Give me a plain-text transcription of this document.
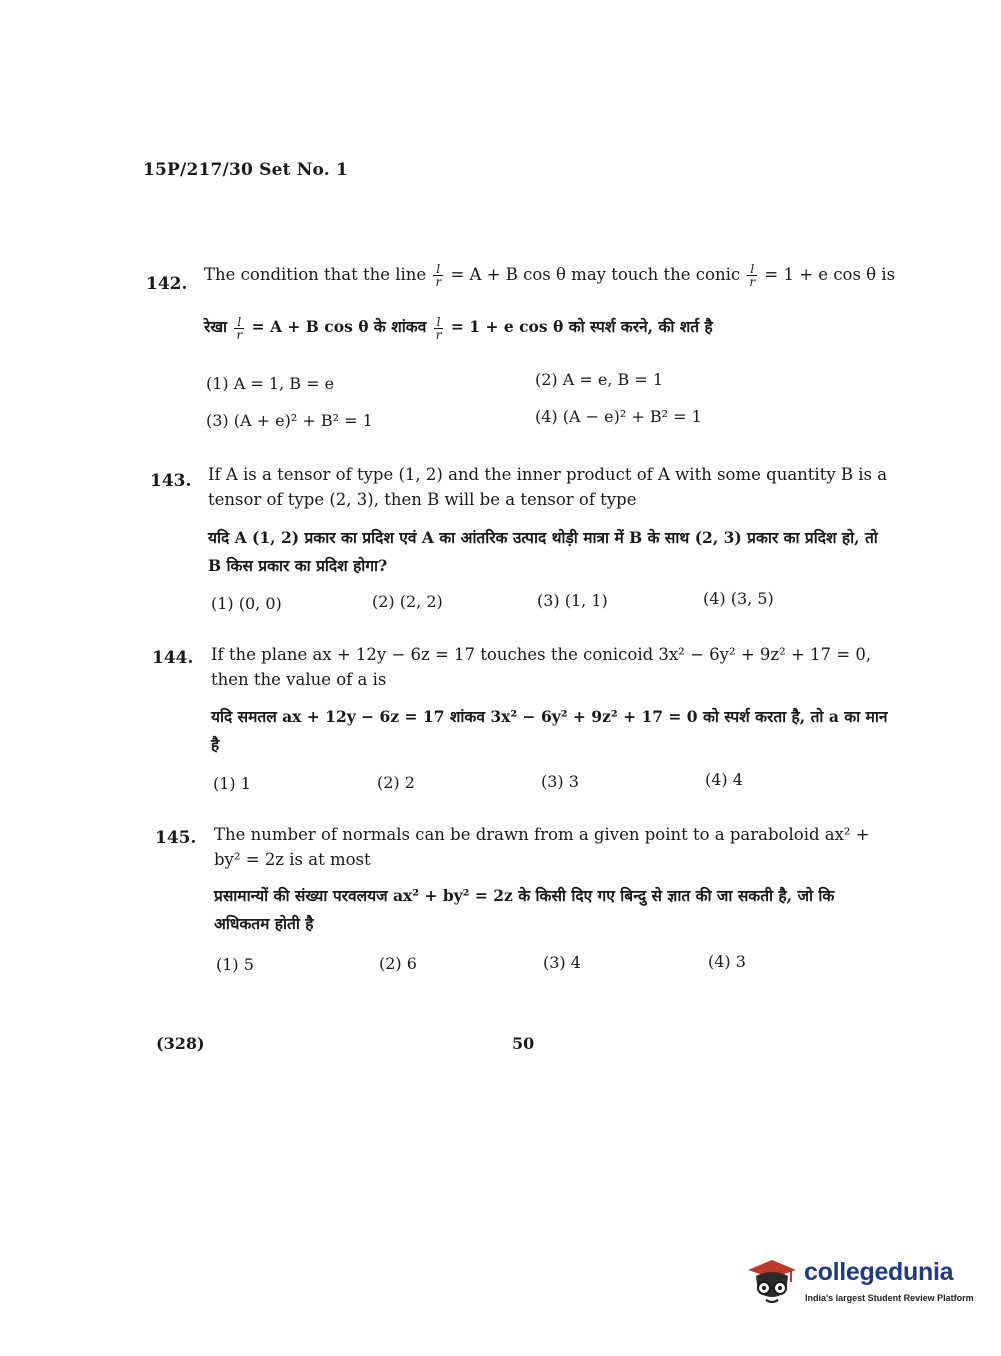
15P/217/30 Set No. 1
142. The condition that the line $\frac{l}{r} = A + B$ cos θ may touch the conic $\frac{l}{r} = 1 + e$ cos θ is
रेखा $\frac{l}{r} = A + B$ cos θ के शांकव $\frac{l}{r} = 1 + e$ cos θ को स्पर्श करने, की शर्त है
(1) A = 1, B = e	(2) A = e, B = 1
(3) (A + e)² + B² = 1	(4) (A − e)² + B² = 1
143. If A is a tensor of type (1, 2) and the inner product of A with some quantity B is a tensor of type (2, 3), then B will be a tensor of type
यदि A (1, 2) प्रकार का प्रदिश एवं A का आंतरिक उत्पाद थोड़ी मात्रा में B के साथ (2, 3) प्रकार का प्रदिश हो, तो B किस प्रकार का प्रदिश होगा?
(1) (0, 0)	(2) (2, 2)	(3) (1, 1)	(4) (3, 5)
144. If the plane ax + 12y − 6z = 17 touches the conicoid 3x² − 6y² + 9z² + 17 = 0, then the value of a is
यदि समतल ax + 12y − 6z = 17 शांकव 3x² − 6y² + 9z² + 17 = 0 को स्पर्श करता है, तो a का मान है
(1) 1	(2) 2	(3) 3	(4) 4
145. The number of normals can be drawn from a given point to a paraboloid ax² + by² = 2z is at most
प्रसामान्यों की संख्या परवलयज ax² + by² = 2z के किसी दिए गए बिन्दु से ज्ञात की जा सकती है, जो कि अधिकतम होती है
(1) 5	(2) 6	(3) 4	(4) 3
(328)	50
collegedunia
India's largest Student Review Platform
